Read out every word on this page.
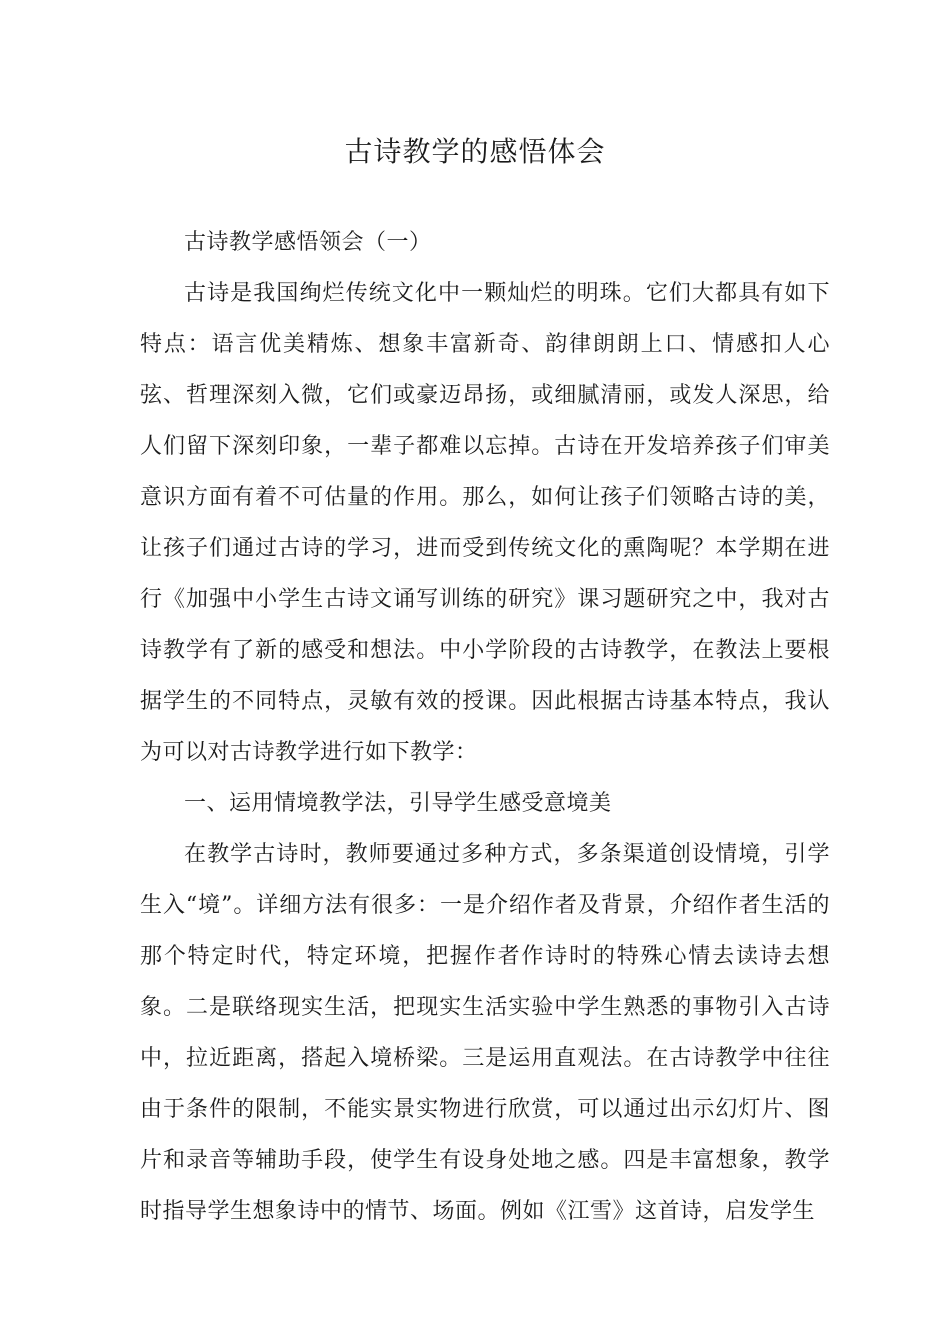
古诗教学的感悟体会

古诗教学感悟领会（一）

古诗是我国绚烂传统文化中一颗灿烂的明珠。它们大都具有如下特点：语言优美精炼、想象丰富新奇、韵律朗朗上口、情感扣人心弦、哲理深刻入微，它们或豪迈昂扬，或细腻清丽，或发人深思，给人们留下深刻印象，一辈子都难以忘掉。古诗在开发培养孩子们审美意识方面有着不可估量的作用。那么，如何让孩子们领略古诗的美，让孩子们通过古诗的学习，进而受到传统文化的熏陶呢？本学期在进行《加强中小学生古诗文诵写训练的研究》课习题研究之中，我对古诗教学有了新的感受和想法。中小学阶段的古诗教学，在教法上要根据学生的不同特点，灵敏有效的授课。因此根据古诗基本特点，我认为可以对古诗教学进行如下教学：

一、运用情境教学法，引导学生感受意境美

在教学古诗时，教师要通过多种方式，多条渠道创设情境，引学生入“境”。详细方法有很多：一是介绍作者及背景，介绍作者生活的那个特定时代，特定环境，把握作者作诗时的特殊心情去读诗去想象。二是联络现实生活，把现实生活实验中学生熟悉的事物引入古诗中，拉近距离，搭起入境桥梁。三是运用直观法。在古诗教学中往往由于条件的限制，不能实景实物进行欣赏，可以通过出示幻灯片、图片和录音等辅助手段，使学生有设身处地之感。四是丰富想象，教学时指导学生想象诗中的情节、场面。例如《江雪》这首诗，启发学生
